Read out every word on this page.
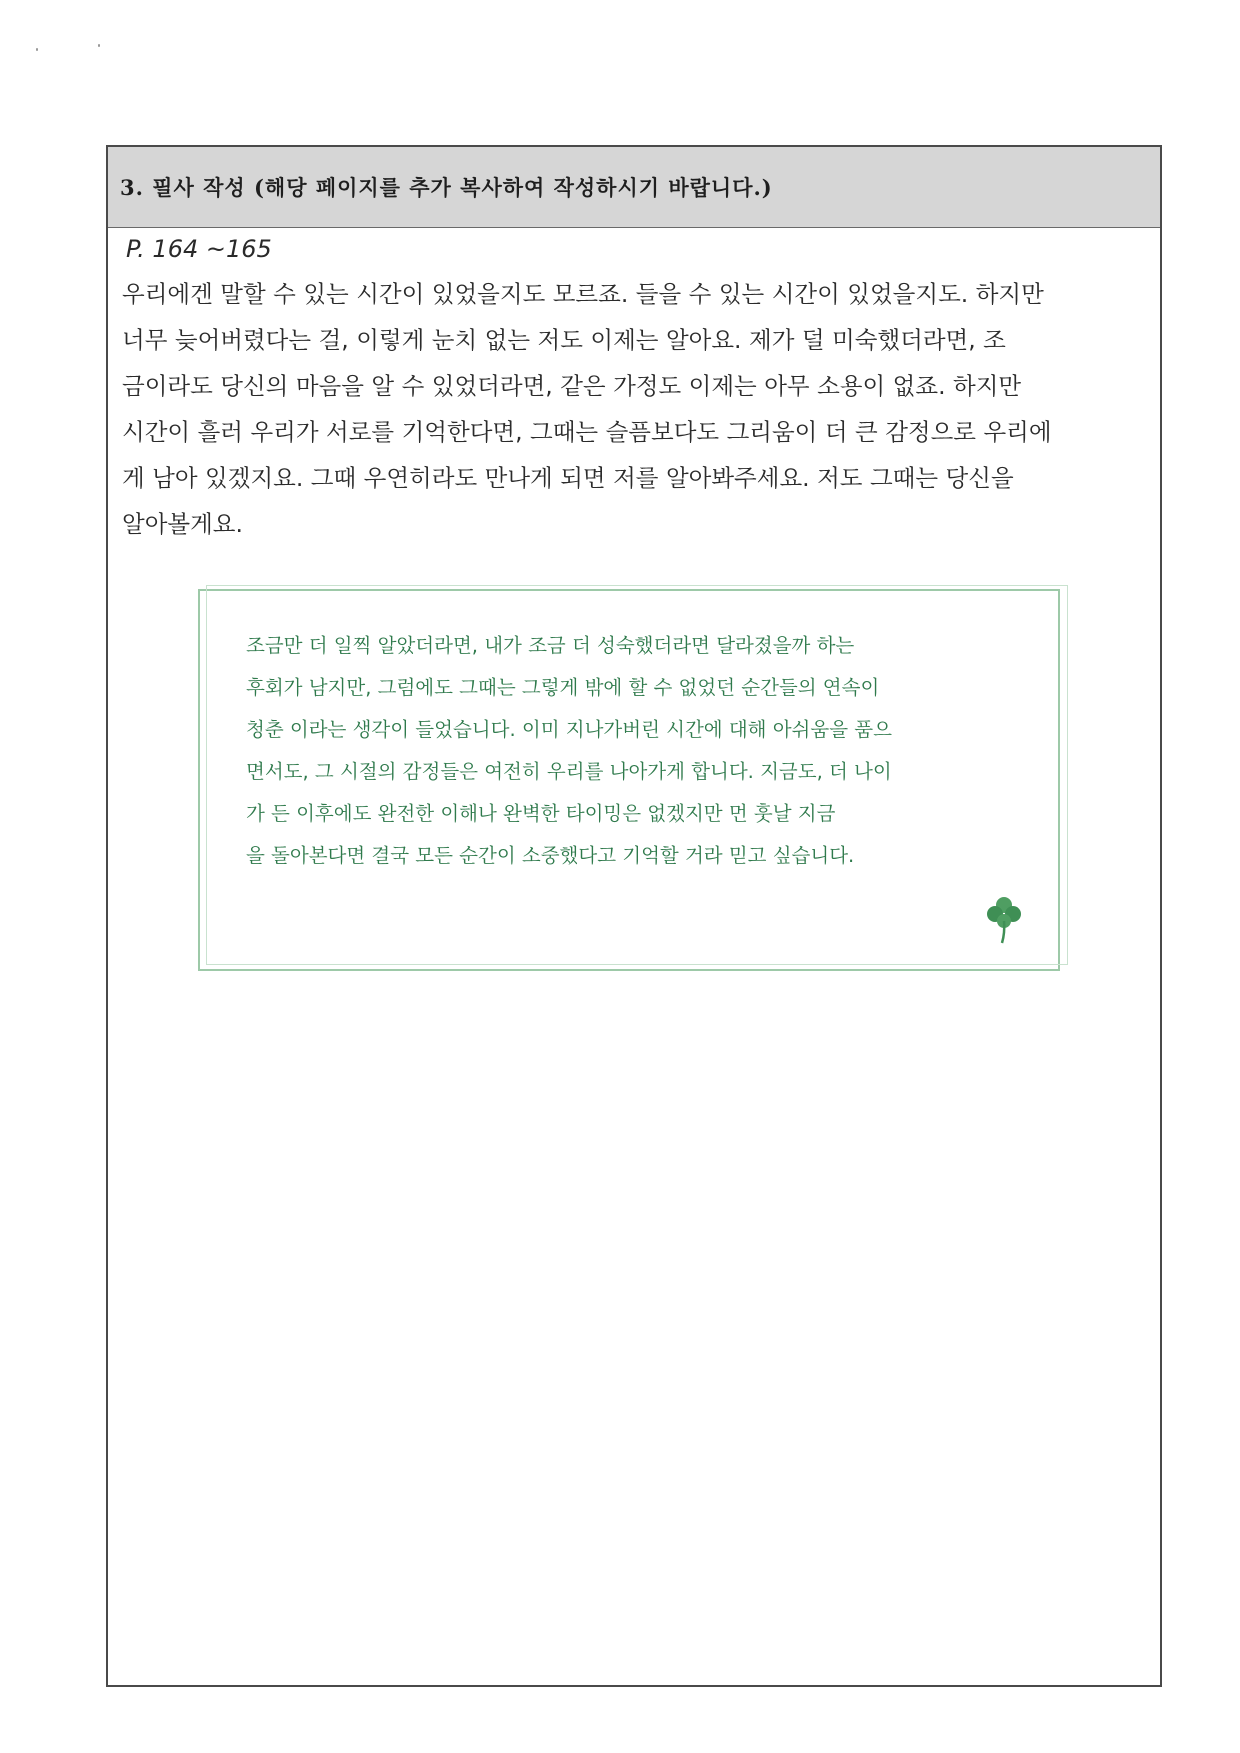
3. 필사 작성 (해당 페이지를 추가 복사하여 작성하시기 바랍니다.)
P. 164 ~165
우리에겐 말할 수 있는 시간이 있었을지도 모르죠. 들을 수 있는 시간이 있었을지도. 하지만
너무 늦어버렸다는 걸, 이렇게 눈치 없는 저도 이제는 알아요. 제가 덜 미숙했더라면, 조
금이라도 당신의 마음을 알 수 있었더라면, 같은 가정도 이제는 아무 소용이 없죠. 하지만
시간이 흘러 우리가 서로를 기억한다면, 그때는 슬픔보다도 그리움이 더 큰 감정으로 우리에
게 남아 있겠지요. 그때 우연히라도 만나게 되면 저를 알아봐주세요. 저도 그때는 당신을
알아볼게요.
조금만 더 일찍 알았더라면, 내가 조금 더 성숙했더라면 달라졌을까 하는
후회가 남지만, 그럼에도 그때는 그렇게 밖에 할 수 없었던 순간들의 연속이
청춘 이라는 생각이 들었습니다. 이미 지나가버린 시간에 대해 아쉬움을 품으
면서도, 그 시절의 감정들은 여전히 우리를 나아가게 합니다. 지금도, 더 나이
가 든 이후에도 완전한 이해나 완벽한 타이밍은 없겠지만 먼 훗날 지금
을 돌아본다면 결국 모든 순간이 소중했다고 기억할 거라 믿고 싶습니다.
